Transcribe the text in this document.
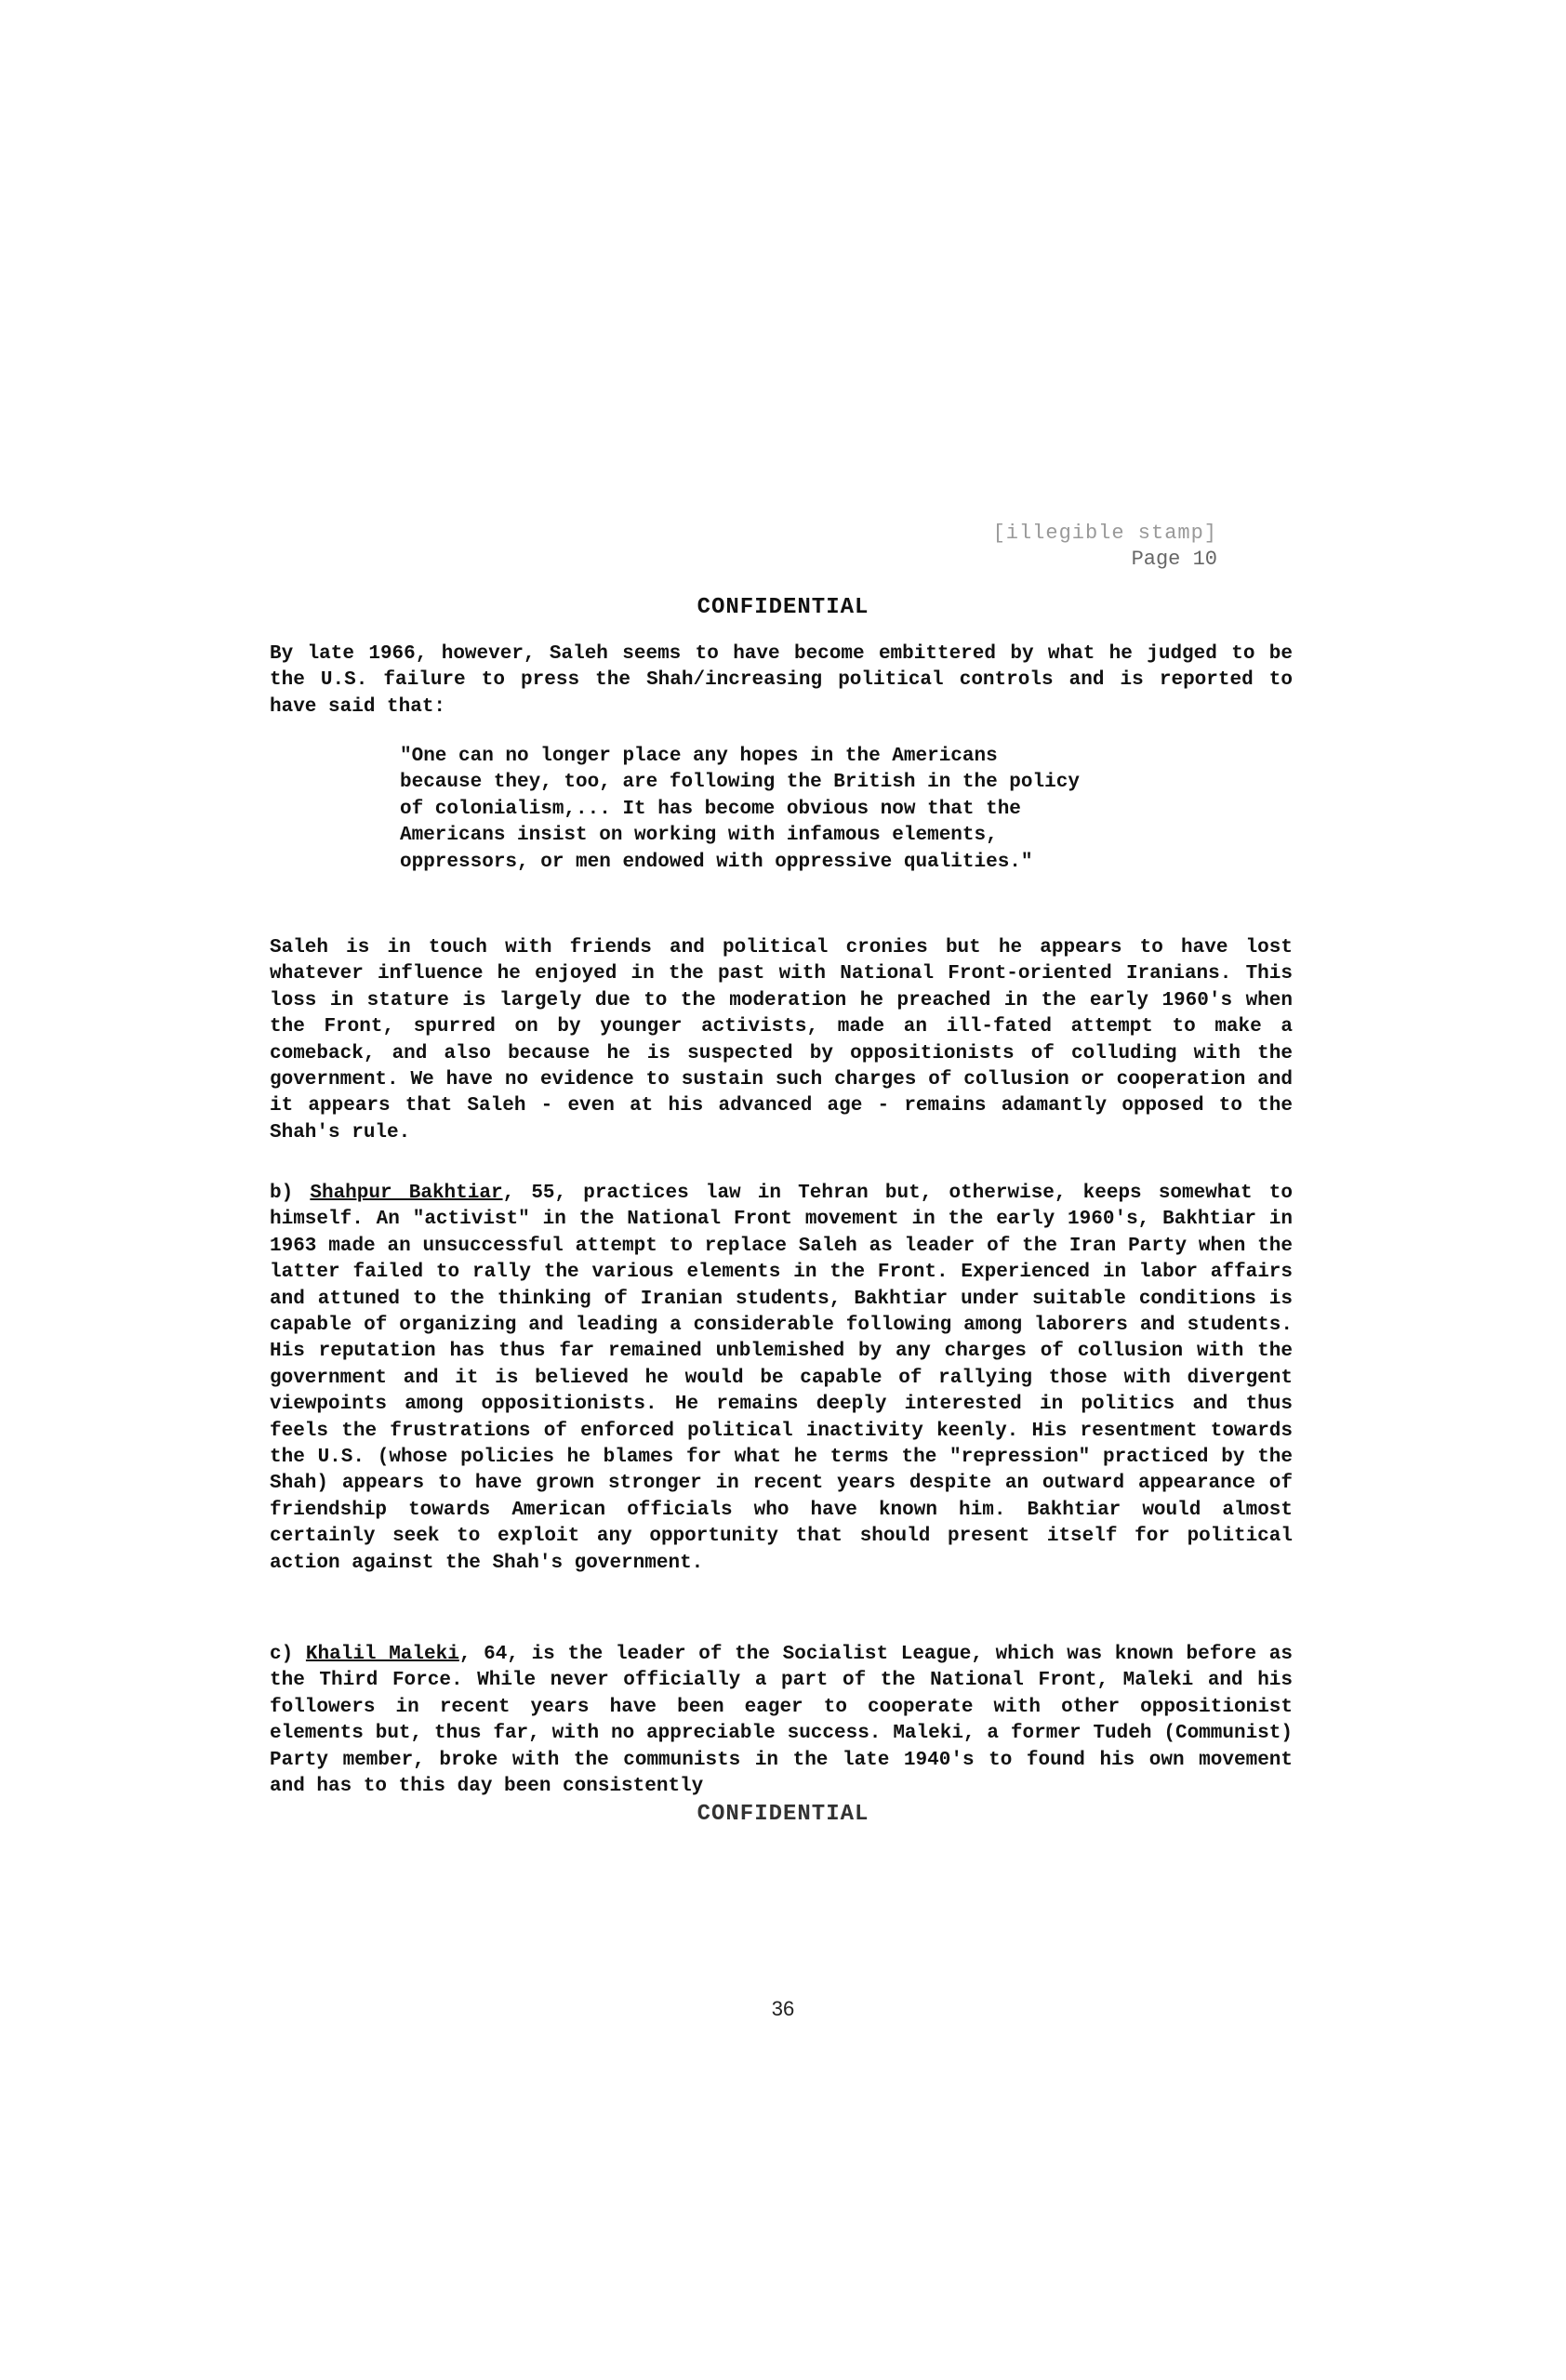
[illegible stamp]
Page 10
CONFIDENTIAL

By late 1966, however, Saleh seems to have become embittered by what he judged to be the U.S. failure to press the Shah/increasing political controls and is reported to have said that:

"One can no longer place any hopes in the Americans because they, too, are following the British in the policy of colonialism,... It has become obvious now that the Americans insist on working with infamous elements, oppressors, or men endowed with oppressive qualities."

Saleh is in touch with friends and political cronies but he appears to have lost whatever influence he enjoyed in the past with National Front-oriented Iranians. This loss in stature is largely due to the moderation he preached in the early 1960's when the Front, spurred on by younger activists, made an ill-fated attempt to make a comeback, and also because he is suspected by oppositionists of colluding with the government. We have no evidence to sustain such charges of collusion or cooperation and it appears that Saleh - even at his advanced age - remains adamantly opposed to the Shah's rule.

b) Shahpur Bakhtiar, 55, practices law in Tehran but, otherwise, keeps somewhat to himself. An "activist" in the National Front movement in the early 1960's, Bakhtiar in 1963 made an unsuccessful attempt to replace Saleh as leader of the Iran Party when the latter failed to rally the various elements in the Front. Experienced in labor affairs and attuned to the thinking of Iranian students, Bakhtiar under suitable conditions is capable of organizing and leading a considerable following among laborers and students. His reputation has thus far remained unblemished by any charges of collusion with the government and it is believed he would be capable of rallying those with divergent viewpoints among oppositionists. He remains deeply interested in politics and thus feels the frustrations of enforced political inactivity keenly. His resentment towards the U.S. (whose policies he blames for what he terms the "repression" practiced by the Shah) appears to have grown stronger in recent years despite an outward appearance of friendship towards American officials who have known him. Bakhtiar would almost certainly seek to exploit any opportunity that should present itself for political action against the Shah's government.

c) Khalil Maleki, 64, is the leader of the Socialist League, which was known before as the Third Force. While never officially a part of the National Front, Maleki and his followers in recent years have been eager to cooperate with other oppositionist elements but, thus far, with no appreciable success. Maleki, a former Tudeh (Communist) Party member, broke with the communists in the late 1940's to found his own movement and has to this day been consistently

CONFIDENTIAL
36
